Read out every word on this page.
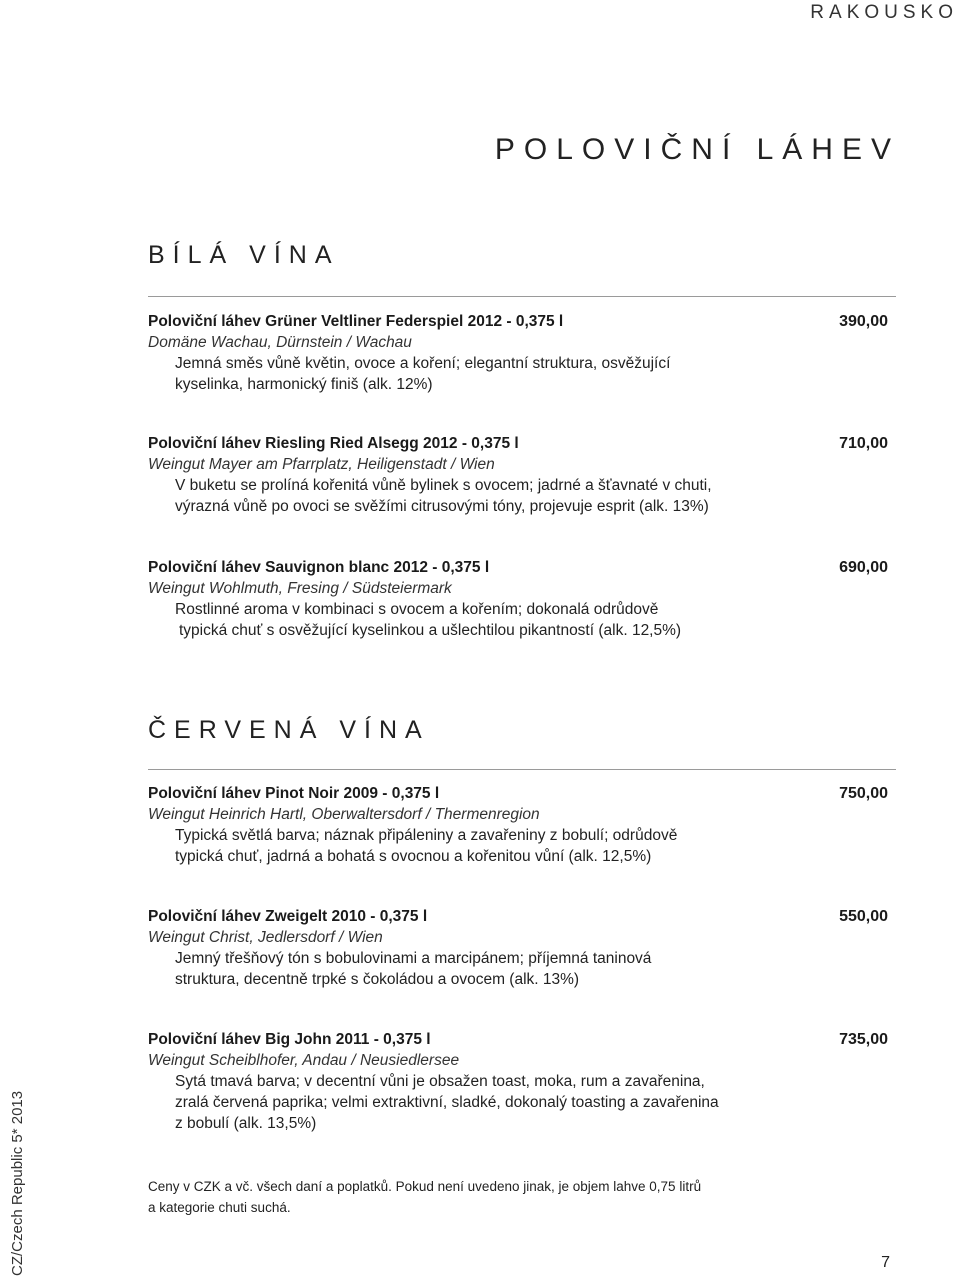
RAKOUSKO
POLOVIČNÍ LÁHEV
BÍLÁ VÍNA
Poloviční láhev Grüner Veltliner Federspiel 2012 - 0,375 l	390,00
Domäne Wachau, Dürnstein / Wachau
Jemná směs vůně květin, ovoce a koření; elegantní struktura, osvěžující
kyselinka, harmonický finiš (alk. 12%)
Poloviční láhev Riesling Ried Alsegg 2012 - 0,375 l	710,00
Weingut Mayer am Pfarrplatz, Heiligenstadt / Wien
V buketu se prolíná kořenitá vůně bylinek s ovocem; jadrné a šťavnaté v chuti,
výrazná vůně po ovoci se svěžími citrusovými tóny, projevuje esprit (alk. 13%)
Poloviční láhev Sauvignon blanc 2012 - 0,375 l	690,00
Weingut Wohlmuth, Fresing / Südsteiermark
Rostlinné aroma v kombinaci s ovocem a kořením; dokonalá odrůdově
typická chuť s osvěžující kyselinkou a ušlechtilou pikantností (alk. 12,5%)
ČERVENÁ VÍNA
Poloviční láhev Pinot Noir 2009 - 0,375 l	750,00
Weingut Heinrich Hartl, Oberwaltersdorf / Thermenregion
Typická světlá barva; náznak připáleniny a zavařeniny z bobulí; odrůdově
typická chuť, jadrná a bohatá s ovocnou a kořenitou vůní (alk. 12,5%)
Poloviční láhev Zweigelt 2010 - 0,375 l	550,00
Weingut Christ, Jedlersdorf / Wien
Jemný třešňový tón s bobulovinami a marcipánem; příjemná taninová
struktura, decentně trpké s čokoládou a ovocem (alk. 13%)
Poloviční láhev Big John 2011 - 0,375 l	735,00
Weingut Scheiblhofer, Andau / Neusiedlersee
Sytá tmavá barva; v decentní vůni je obsažen toast, moka, rum a zavařenina,
zralá červená paprika; velmi extraktivní, sladké, dokonalý toasting a zavařenina
z bobulí (alk. 13,5%)
Ceny v CZK a vč. všech daní a poplatků. Pokud není uvedeno jinak, je objem lahve 0,75 litrů
a kategorie chuti suchá.
CZ/Czech Republic 5* 2013	7
